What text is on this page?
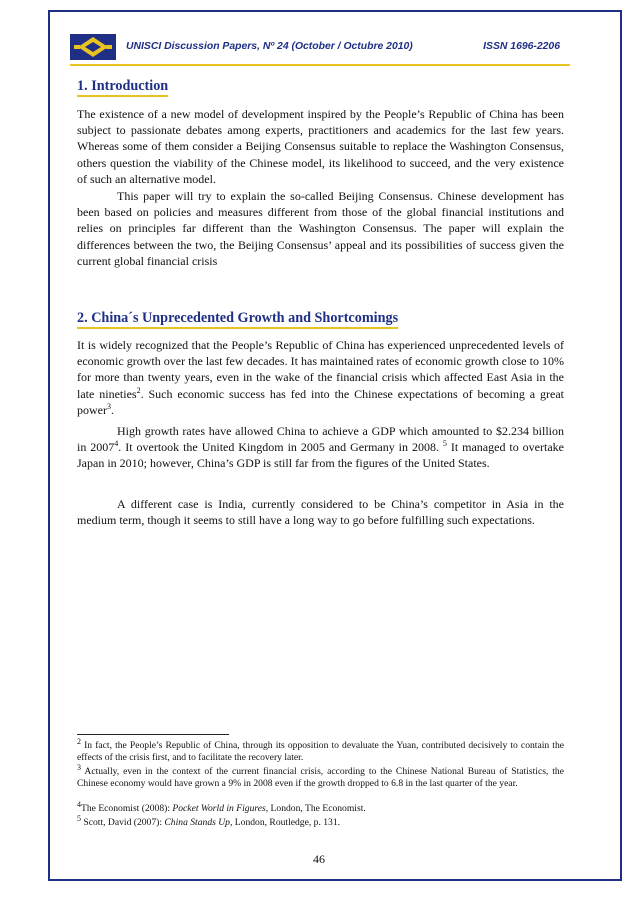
UNISCI Discussion Papers, Nº 24 (October / Octubre 2010)	ISSN 1696-2206
1. Introduction

The existence of a new model of development inspired by the People’s Republic of China has been subject to passionate debates among experts, practitioners and academics for the last few years. Whereas some of them consider a Beijing Consensus suitable to replace the Washington Consensus, others question the viability of the Chinese model, its likelihood to succeed, and the very existence of such an alternative model.

This paper will try to explain the so-called Beijing Consensus. Chinese development has been based on policies and measures different from those of the global financial institutions and relies on principles far different than the Washington Consensus. The paper will explain the differences between the two, the Beijing Consensus’ appeal and its possibilities of success given the current global financial crisis

2. China´s Unprecedented Growth and Shortcomings

It is widely recognized that the People’s Republic of China has experienced unprecedented levels of economic growth over the last few decades. It has maintained rates of economic growth close to 10% for more than twenty years, even in the wake of the financial crisis which affected East Asia in the late nineties$^2$. Such economic success has fed into the Chinese expectations of becoming a great power$^3$.

High growth rates have allowed China to achieve a GDP which amounted to $2.234 billion in 2007$^4$. It overtook the United Kingdom in 2005 and Germany in 2008. $^5$ It managed to overtake Japan in 2010; however, China’s GDP is still far from the figures of the United States.

A different case is India, currently considered to be China’s competitor in Asia in the medium term, though it seems to still have a long way to go before fulfilling such expectations.

$^2$ In fact, the People’s Republic of China, through its opposition to devaluate the Yuan, contributed decisively to contain the effects of the crisis first, and to facilitate the recovery later.

$^3$ Actually, even in the context of the current financial crisis, according to the Chinese National Bureau of Statistics, the Chinese economy would have grown a 9% in 2008 even if the growth dropped to 6.8 in the last quarter of the year.

$^4$The Economist (2008): Pocket World in Figures, London, The Economist.

$^5$ Scott, David (2007): China Stands Up, London, Routledge, p. 131.

46
